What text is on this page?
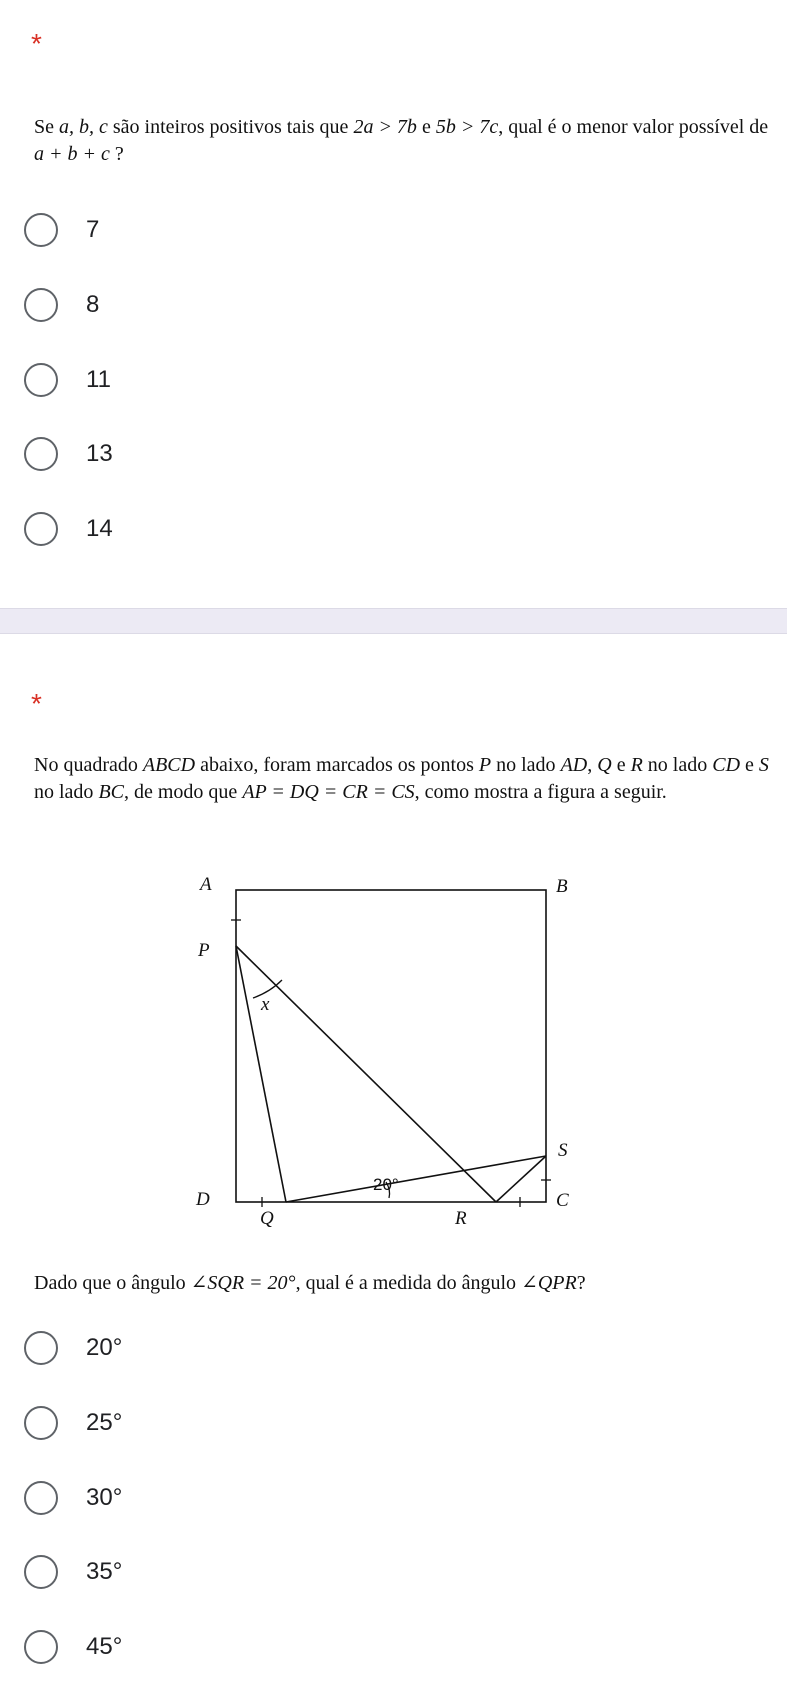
*
Se a, b, c são inteiros positivos tais que 2a > 7b e 5b > 7c, qual é o menor valor possível de a + b + c ?
7
8
11
13
14
*
No quadrado ABCD abaixo, foram marcados os pontos P no lado AD, Q e R no lado CD e S no lado BC, de modo que AP = DQ = CR = CS, como mostra a figura a seguir.
A	B
C
D
P
Q	R
S
x
20°
Dado que o ângulo ∠SQR = 20°, qual é a medida do ângulo ∠QPR?
20°
25°
30°
35°
45°
